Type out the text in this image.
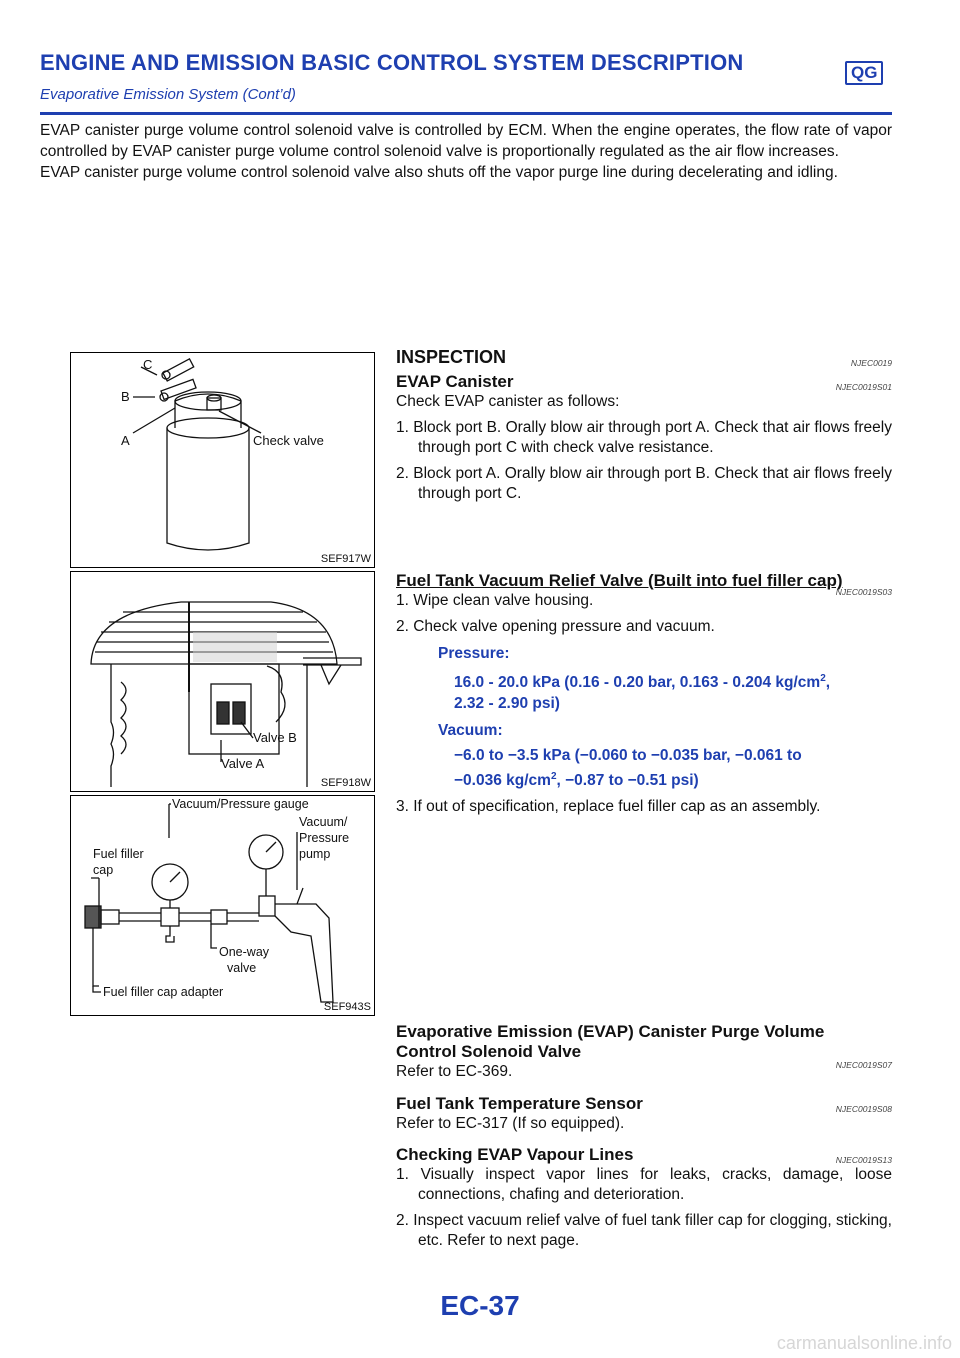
ENGINE AND EMISSION BASIC CONTROL SYSTEM DESCRIPTION	QG
Evaporative Emission System (Cont’d)

EVAP canister purge volume control solenoid valve is controlled by ECM. When the engine operates, the flow rate of vapor controlled by EVAP canister purge volume control solenoid valve is proportionally regulated as the air flow increases.

EVAP canister purge volume control solenoid valve also shuts off the vapor purge line during decelerating and idling.

C
B
A	Check valve
SEF917W
Valve B
Valve A
SEF918W
Vacuum/Pressure gauge
Vacuum/
Pressure
pump
Fuel filler
cap
One-way
valve
Fuel filler cap adapter
SEF943S
INSPECTION	NJEC0019
EVAP Canister	NJEC0019S01
Check EVAP canister as follows:
1. Block port B. Orally blow air through port A. Check that air flows freely through port C with check valve resistance.
2. Block port A. Orally blow air through port B. Check that air flows freely through port C.
Fuel Tank Vacuum Relief Valve (Built into fuel filler cap)
NJEC0019S03
1. Wipe clean valve housing.
2. Check valve opening pressure and vacuum.
Pressure:
16.0 - 20.0 kPa (0.16 - 0.20 bar, 0.163 - 0.204 $kg/cm^2$,
2.32 - 2.90 psi)
Vacuum:
−6.0 to −3.5 kPa (−0.060 to −0.035 bar, −0.061 to
−0.036 $kg/cm^2$, −0.87 to −0.51 psi)
3. If out of specification, replace fuel filler cap as an assembly.
Evaporative Emission (EVAP) Canister Purge Volume
Control Solenoid Valve
NJEC0019S07
Refer to EC-369.
Fuel Tank Temperature Sensor	NJEC0019S08
Refer to EC-317 (If so equipped).
Checking EVAP Vapour Lines	NJEC0019S13
1. Visually inspect vapor lines for leaks, cracks, damage, loose connections, chafing and deterioration.
2. Inspect vacuum relief valve of fuel tank filler cap for clogging, sticking, etc. Refer to next page.
EC-37
carmanualsonline.info
